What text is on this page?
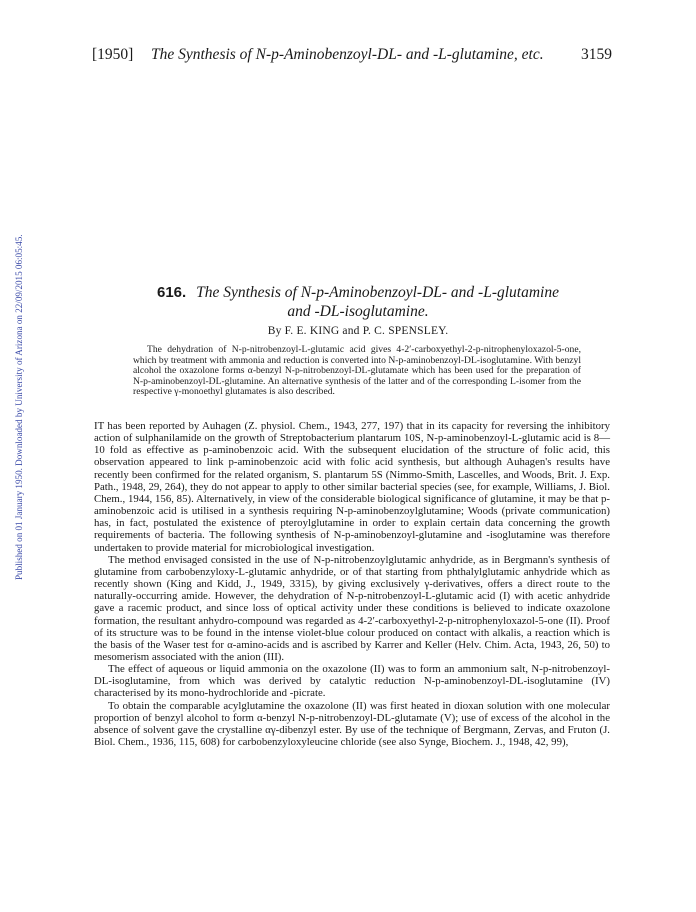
[1950] The Synthesis of N-p-Aminobenzoyl-DL- and -L-glutamine, etc. 3159
Published on 01 January 1950. Downloaded by University of Arizona on 22/09/2015 06:05:45.	616. The Synthesis of N-p-Aminobenzoyl-DL- and -L-glutamine
and -DL-isoglutamine.
By F. E. KING and P. C. SPENSLEY.

The dehydration of N-p-nitrobenzoyl-L-glutamic acid gives 4-2′-carboxyethyl-2-p-nitrophenyloxazol-5-one, which by treatment with ammonia and reduction is converted into N-p-aminobenzoyl-DL-isoglutamine. With benzyl alcohol the oxazolone forms α-benzyl N-p-nitrobenzoyl-DL-glutamate which has been used for the preparation of N-p-aminobenzoyl-DL-glutamine. An alternative synthesis of the latter and of the corresponding L-isomer from the respective γ-monoethyl glutamates is also described.

IT has been reported by Auhagen (Z. physiol. Chem., 1943, 277, 197) that in its capacity for reversing the inhibitory action of sulphanilamide on the growth of Streptobacterium plantarum 10S, N-p-aminobenzoyl-L-glutamic acid is 8—10 fold as effective as p-aminobenzoic acid. With the subsequent elucidation of the structure of folic acid, this observation appeared to link p-aminobenzoic acid with folic acid synthesis, but although Auhagen's results have recently been confirmed for the related organism, S. plantarum 5S (Nimmo-Smith, Lascelles, and Woods, Brit. J. Exp. Path., 1948, 29, 264), they do not appear to apply to other similar bacterial species (see, for example, Williams, J. Biol. Chem., 1944, 156, 85). Alternatively, in view of the considerable biological significance of glutamine, it may be that p-aminobenzoic acid is utilised in a synthesis requiring N-p-aminobenzoylglutamine; Woods (private communication) has, in fact, postulated the existence of pteroylglutamine in order to explain certain data concerning the growth requirements of bacteria. The following synthesis of N-p-aminobenzoyl-glutamine and -isoglutamine was therefore undertaken to provide material for microbiological investigation.

The method envisaged consisted in the use of N-p-nitrobenzoylglutamic anhydride, as in Bergmann's synthesis of glutamine from carbobenzyloxy-L-glutamic anhydride, or of that starting from phthalylglutamic anhydride which as recently shown (King and Kidd, J., 1949, 3315), by giving exclusively γ-derivatives, offers a direct route to the naturally-occurring amide. However, the dehydration of N-p-nitrobenzoyl-L-glutamic acid (I) with acetic anhydride gave a racemic product, and since loss of optical activity under these conditions is believed to indicate oxazolone formation, the resultant anhydro-compound was regarded as 4-2′-carboxyethyl-2-p-nitrophenyloxazol-5-one (II). Proof of its structure was to be found in the intense violet-blue colour produced on contact with alkalis, a reaction which is the basis of the Waser test for α-amino-acids and is ascribed by Karrer and Keller (Helv. Chim. Acta, 1943, 26, 50) to mesomerism associated with the anion (III).

The effect of aqueous or liquid ammonia on the oxazolone (II) was to form an ammonium salt, N-p-nitrobenzoyl-DL-isoglutamine, from which was derived by catalytic reduction N-p-aminobenzoyl-DL-isoglutamine (IV) characterised by its mono-hydrochloride and -picrate.

To obtain the comparable acylglutamine the oxazolone (II) was first heated in dioxan solution with one molecular proportion of benzyl alcohol to form α-benzyl N-p-nitrobenzoyl-DL-glutamate (V); use of excess of the alcohol in the absence of solvent gave the crystalline αγ-dibenzyl ester. By use of the technique of Bergmann, Zervas, and Fruton (J. Biol. Chem., 1936, 115, 608) for carbobenzyloxyleucine chloride (see also Synge, Biochem. J., 1948, 42, 99),
